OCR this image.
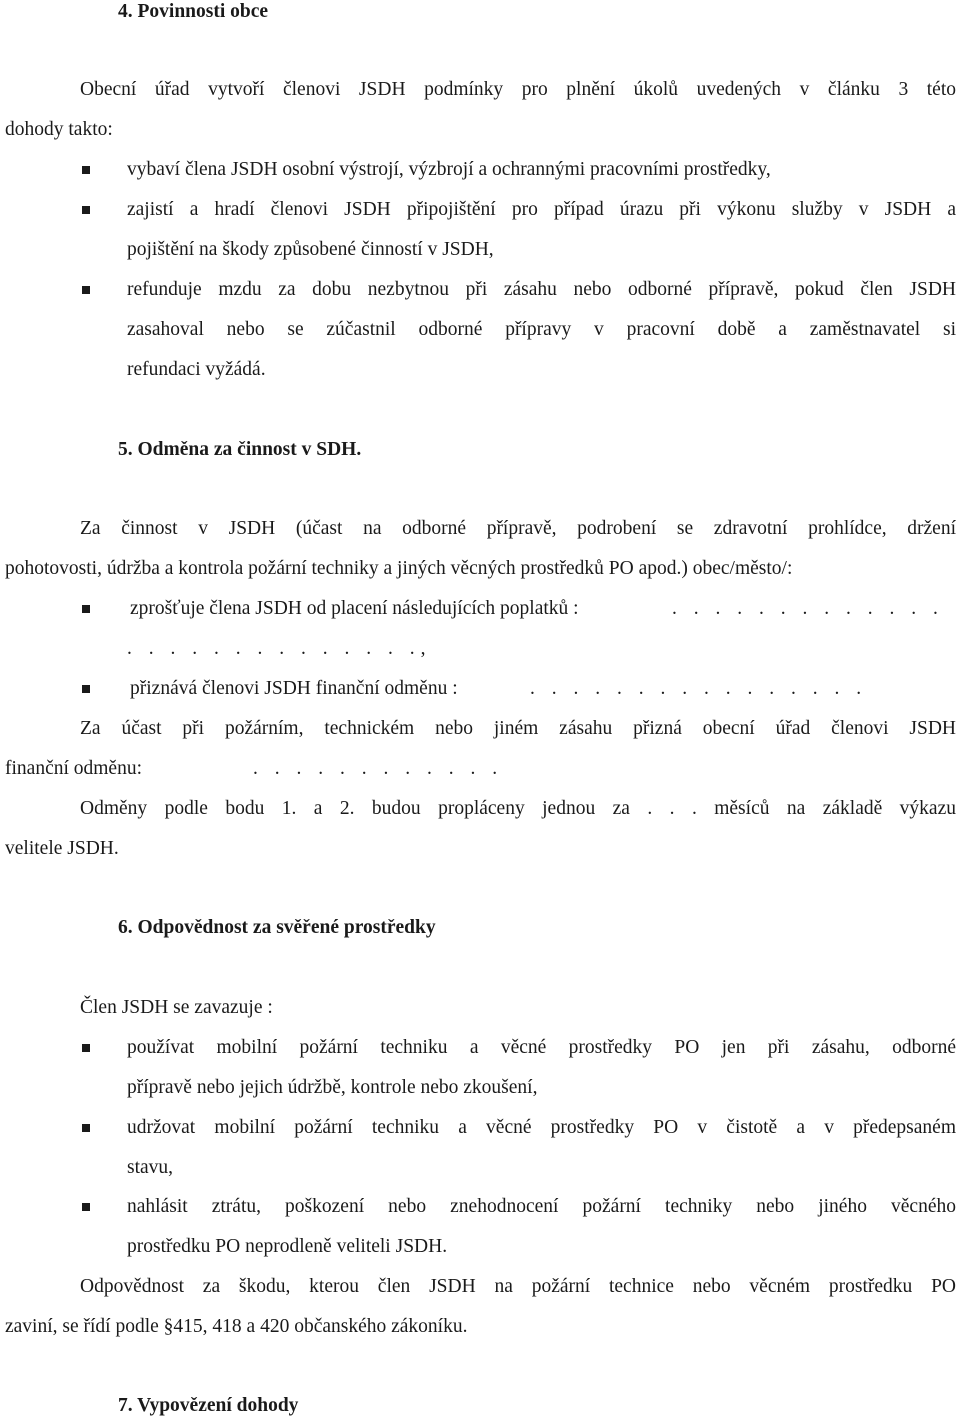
4. Povinnosti obce
Obecní úřad vytvoří členovi JSDH podmínky pro plnění úkolů uvedených v článku 3 této
dohody takto:
vybaví člena JSDH osobní výstrojí, výzbrojí a ochrannými pracovními prostředky,
zajistí a hradí členovi JSDH připojištění pro případ úrazu při výkonu služby v JSDH a
pojištění na škody způsobené činností v JSDH,
refunduje mzdu za dobu nezbytnou při zásahu nebo odborné přípravě, pokud člen JSDH
zasahoval nebo se zúčastnil odborné přípravy v pracovní době a zaměstnavatel si
refundaci vyžádá.
5. Odměna za činnost v SDH.
Za činnost v JSDH (účast na odborné přípravě, podrobení se zdravotní prohlídce, držení
pohotovosti, údržba a kontrola požární techniky a jiných věcných prostředků PO apod.) obec/město/:
zprošťuje člena JSDH od placení následujících poplatků :	. . . . . . . . . . . . .
. . . . . . . . . . . . . .,
přiznává členovi JSDH finanční odměnu :	. . . . . . . . . . . . . . . .
Za účast při požárním, technickém nebo jiném zásahu přizná obecní úřad členovi JSDH
finanční odměnu:	. . . . . . . . . . . .
Odměny podle bodu 1. a 2. budou propláceny jednou za . . . měsíců na základě výkazu
velitele JSDH.
6. Odpovědnost za svěřené prostředky
Člen JSDH se zavazuje :
používat mobilní požární techniku a věcné prostředky PO jen při zásahu, odborné
přípravě nebo jejich údržbě, kontrole nebo zkoušení,
udržovat mobilní požární techniku a věcné prostředky PO v čistotě a v předepsaném
stavu,
nahlásit ztrátu, poškození nebo znehodnocení požární techniky nebo jiného věcného
prostředku PO neprodleně veliteli JSDH.
Odpovědnost za škodu, kterou člen JSDH na požární technice nebo věcném prostředku PO
zaviní, se řídí podle §415, 418 a 420 občanského zákoníku.
7. Vypovězení dohody
